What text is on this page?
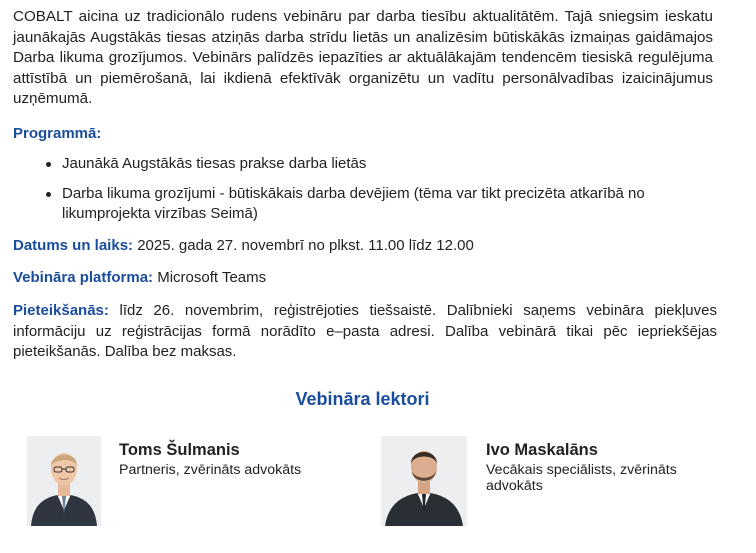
COBALT aicina uz tradicionālo rudens vebināru par darba tiesību aktualitātēm. Tajā sniegsim ieskatu jaunākajās Augstākās tiesas atziņās darba strīdu lietās un analizēsim būtiskākās izmaiņas gaidāmajos Darba likuma grozījumos. Vebinārs palīdzēs iepazīties ar aktuālākajām tendencēm tiesiskā regulējuma attīstībā un piemērošanā, lai ikdienā efektīvāk organizētu un vadītu personālvadības izaicinājumus uzņēmumā.

Programmā:

Jaunākā Augstākās tiesas prakse darba lietās
Darba likuma grozījumi - būtiskākais darba devējiem (tēma var tikt precizēta atkarībā no likumprojekta virzības Seimā)

Datums un laiks: 2025. gada 27. novembrī no plkst. 11.00 līdz 12.00

Vebināra platforma: Microsoft Teams

Pieteikšanās: līdz 26. novembrim, reģistrējoties tiešsaistē. Dalībnieki saņems vebināra piekļuves informāciju uz reģistrācijas formā norādīto e–pasta adresi. Dalība vebinārā tikai pēc iepriekšējas pieteikšanās. Dalība bez maksas.

Vebināra lektori

Toms Šulmanis

Partneris, zvērināts advokāts

Ivo Maskalāns

Vecākais speciālists, zvērināts advokāts
